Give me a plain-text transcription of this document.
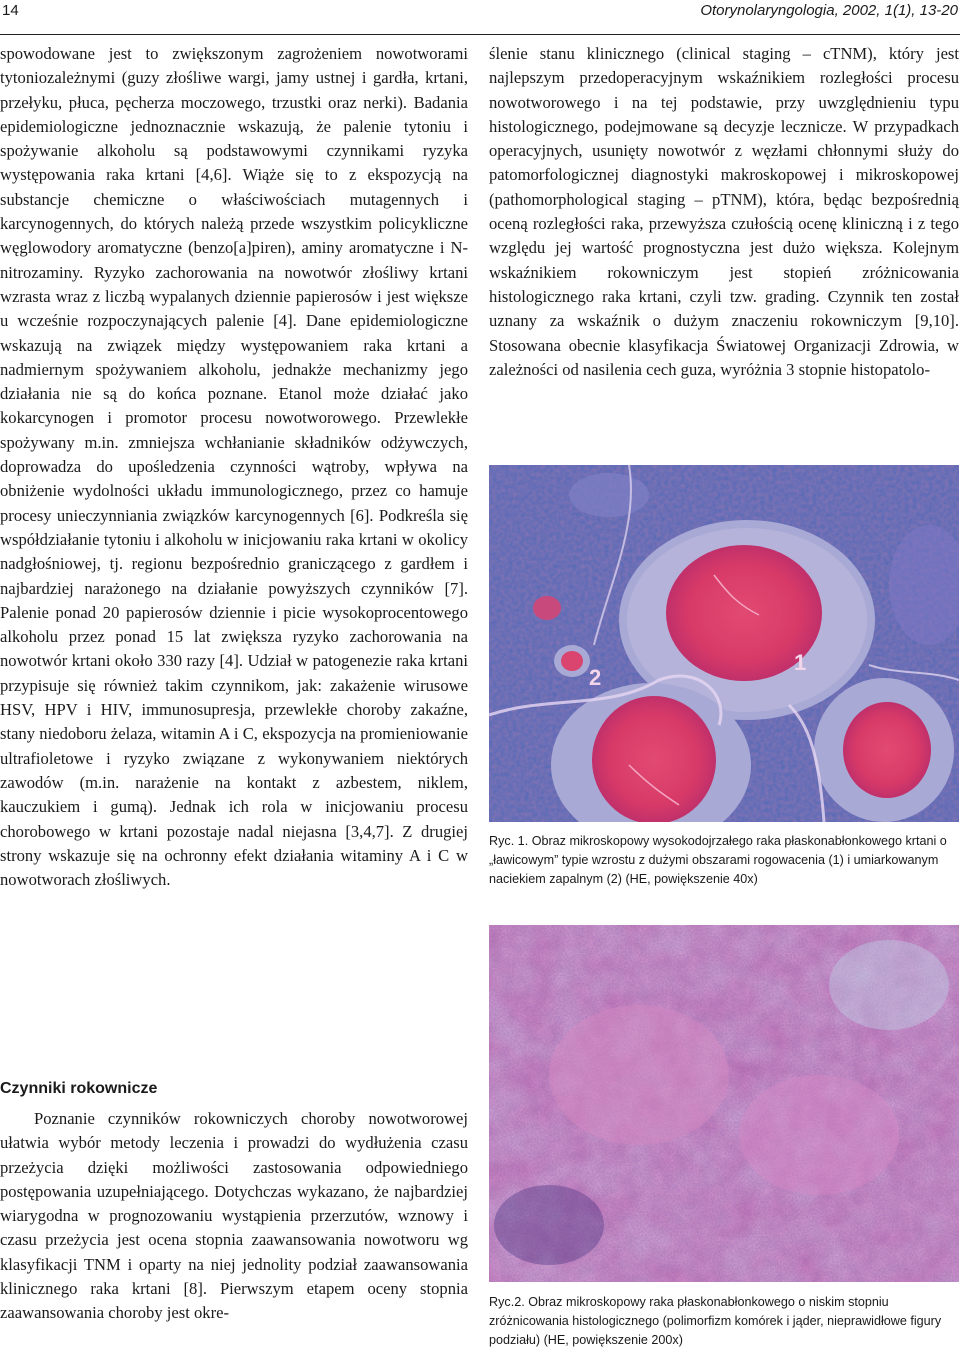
14	Otorynolaryngologia, 2002, 1(1), 13-20

spowodowane jest to zwiększonym zagrożeniem nowotworami tytoniozależnymi (guzy złośliwe wargi, jamy ustnej i gardła, krtani, przełyku, płuca, pęcherza moczowego, trzustki oraz nerki). Badania epidemiologiczne jednoznacznie wskazują, że palenie tytoniu i spożywanie alkoholu są podstawowymi czynnikami ryzyka występowania raka krtani [4,6]. Wiąże się to z ekspozycją na substancje chemiczne o właściwościach mutagennych i karcynogennych, do których należą przede wszystkim policykliczne węglowodory aromatyczne (benzo[a]piren), aminy aromatyczne i N-nitrozaminy. Ryzyko zachorowania na nowotwór złośliwy krtani wzrasta wraz z liczbą wypalanych dziennie papierosów i jest większe u wcześnie rozpoczynających palenie [4]. Dane epidemiologiczne wskazują na związek między występowaniem raka krtani a nadmiernym spożywaniem alkoholu, jednakże mechanizmy jego działania nie są do końca poznane. Etanol może działać jako kokarcynogen i promotor procesu nowotworowego. Przewlekłe spożywany m.in. zmniejsza wchłanianie składników odżywczych, doprowadza do upośledzenia czynności wątroby, wpływa na obniżenie wydolności układu immunologicznego, przez co hamuje procesy unieczynniania związków karcynogennych [6]. Podkreśla się współdziałanie tytoniu i alkoholu w inicjowaniu raka krtani w okolicy nadgłośniowej, tj. regionu bezpośrednio graniczącego z gardłem i najbardziej narażonego na działanie powyższych czynników [7]. Palenie ponad 20 papierosów dziennie i picie wysokoprocentowego alkoholu przez ponad 15 lat zwiększa ryzyko zachorowania na nowotwór krtani około 330 razy [4]. Udział w patogenezie raka krtani przypisuje się również takim czynnikom, jak: zakażenie wirusowe HSV, HPV i HIV, immunosupresja, przewlekłe choroby zakaźne, stany niedoboru żelaza, witamin A i C, ekspozycja na promieniowanie ultrafioletowe i ryzyko związane z wykonywaniem niektórych zawodów (m.in. narażenie na kontakt z azbestem, niklem, kauczukiem i gumą). Jednak ich rola w inicjowaniu procesu chorobowego w krtani pozostaje nadal niejasna [3,4,7]. Z drugiej strony wskazuje się na ochronny efekt działania witaminy A i C w nowotworach złośliwych.

Czynniki rokownicze

Poznanie czynników rokowniczych choroby nowotworowej ułatwia wybór metody leczenia i prowadzi do wydłużenia czasu przeżycia dzięki możliwości zastosowania odpowiedniego postępowania uzupełniającego. Dotychczas wykazano, że najbardziej wiarygodna w prognozowaniu wystąpienia przerzutów, wznowy i czasu przeżycia jest ocena stopnia zaawansowania nowotworu wg klasyfikacji TNM i oparty na niej jednolity podział zaawansowania klinicznego raka krtani [8]. Pierwszym etapem oceny stopnia zaawansowania choroby jest okre-

ślenie stanu klinicznego (clinical staging – cTNM), który jest najlepszym przedoperacyjnym wskaźnikiem rozległości procesu nowotworowego i na tej podstawie, przy uwzględnieniu typu histologicznego, podejmowane są decyzje lecznicze. W przypadkach operacyjnych, usunięty nowotwór z węzłami chłonnymi służy do patomorfologicznej diagnostyki makroskopowej i mikroskopowej (pathomorphological staging – pTNM), która, będąc bezpośrednią oceną rozległości raka, przewyższa czułością ocenę kliniczną i z tego względu jej wartość prognostyczna jest dużo większa. Kolejnym wskaźnikiem rokowniczym jest stopień zróżnicowania histologicznego raka krtani, czyli tzw. grading. Czynnik ten został uznany za wskaźnik o dużym znaczeniu rokowniczym [9,10]. Stosowana obecnie klasyfikacja Światowej Organizacji Zdrowia, w zależności od nasilenia cech guza, wyróżnia 3 stopnie histopatolo-

2
1
Ryc. 1. Obraz mikroskopowy wysokodojrzałego raka płaskonabłonkowego krtani o „ławicowym” typie wzrostu z dużymi obszarami rogowacenia (1) i umiarkowanym naciekiem zapalnym (2) (HE, powiększenie 40x)
Ryc.2. Obraz mikroskopowy raka płaskonabłonkowego o niskim stopniu zróżnicowania histologicznego (polimorfizm komórek i jąder, nieprawidłowe figury podziału) (HE, powiększenie 200x)
